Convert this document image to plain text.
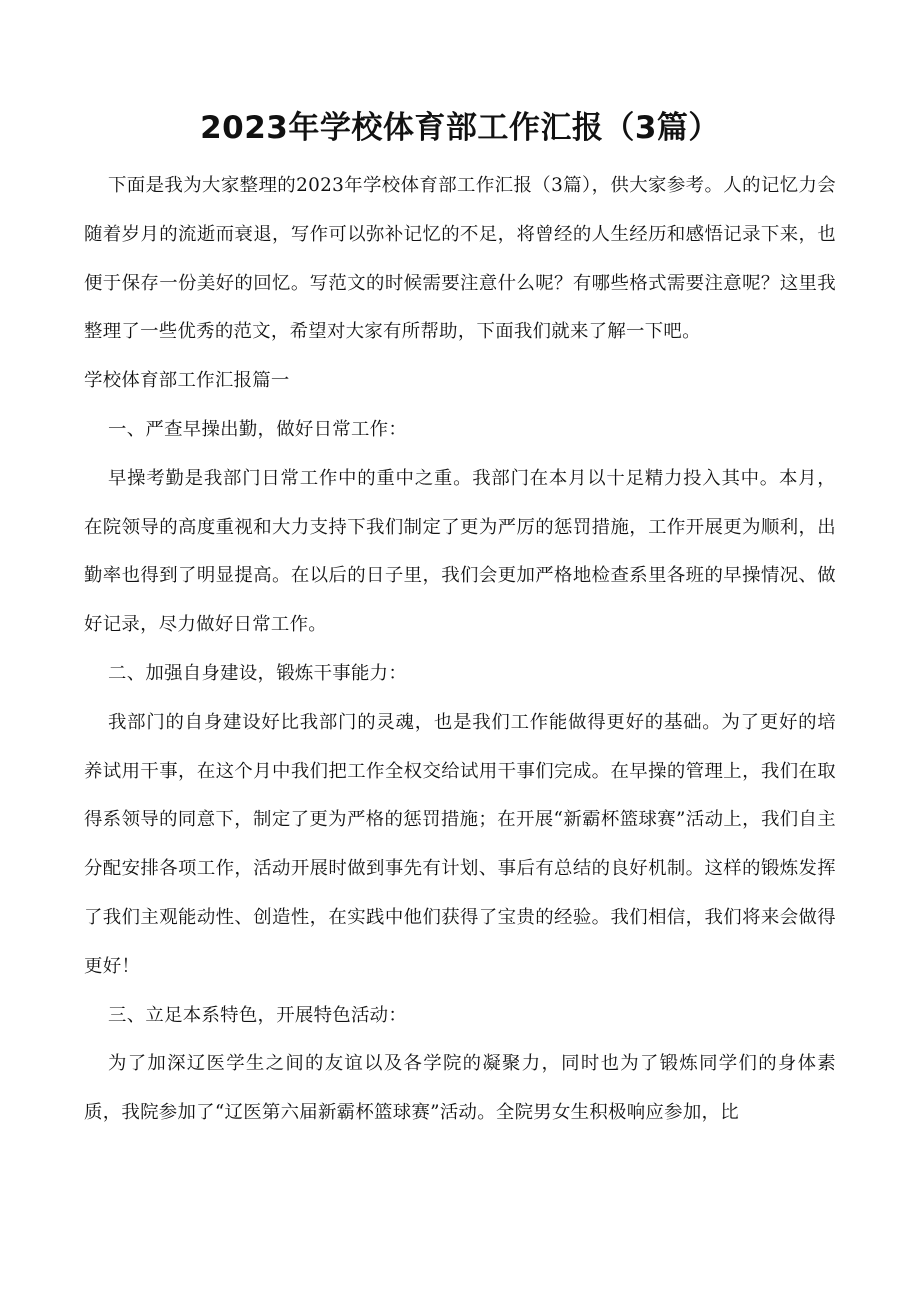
2023年学校体育部工作汇报（3篇）

下面是我为大家整理的2023年学校体育部工作汇报（3篇），供大家参考。人的记忆力会随着岁月的流逝而衰退，写作可以弥补记忆的不足，将曾经的人生经历和感悟记录下来，也便于保存一份美好的回忆。写范文的时候需要注意什么呢？有哪些格式需要注意呢？这里我整理了一些优秀的范文，希望对大家有所帮助，下面我们就来了解一下吧。

学校体育部工作汇报篇一

一、严查早操出勤，做好日常工作：

早操考勤是我部门日常工作中的重中之重。我部门在本月以十足精力投入其中。本月，在院领导的高度重视和大力支持下我们制定了更为严厉的惩罚措施，工作开展更为顺利，出勤率也得到了明显提高。在以后的日子里，我们会更加严格地检查系里各班的早操情况、做好记录，尽力做好日常工作。

二、加强自身建设，锻炼干事能力：

我部门的自身建设好比我部门的灵魂，也是我们工作能做得更好的基础。为了更好的培养试用干事，在这个月中我们把工作全权交给试用干事们完成。在早操的管理上，我们在取得系领导的同意下，制定了更为严格的惩罚措施；在开展“新霸杯篮球赛”活动上，我们自主分配安排各项工作，活动开展时做到事先有计划、事后有总结的良好机制。这样的锻炼发挥了我们主观能动性、创造性，在实践中他们获得了宝贵的经验。我们相信，我们将来会做得更好！

三、立足本系特色，开展特色活动：

为了加深辽医学生之间的友谊以及各学院的凝聚力，同时也为了锻炼同学们的身体素质，我院参加了“辽医第六届新霸杯篮球赛”活动。全院男女生积极响应参加，比
